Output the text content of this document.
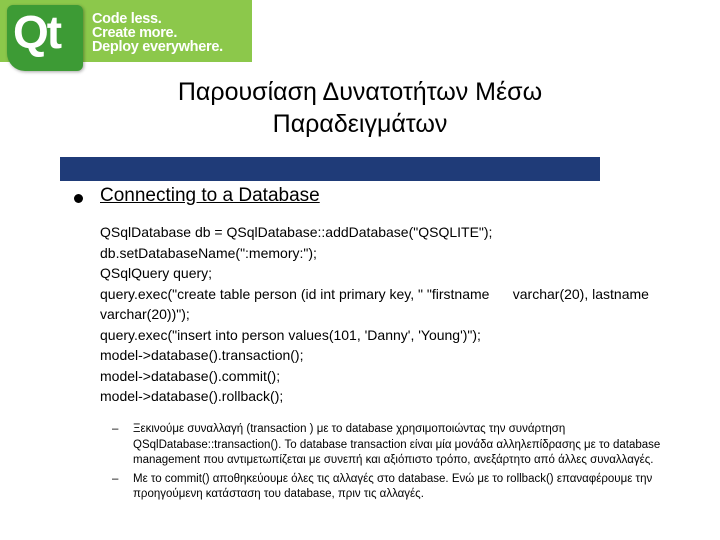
Qt Code less.
Create more.
Deploy everywhere.
Παρουσίαση Δυνατοτήτων Μέσω
Παραδειγμάτων
Connecting to a Database
QSqlDatabase db = QSqlDatabase::addDatabase("QSQLITE");
db.setDatabaseName(":memory:");
QSqlQuery query;
query.exec("create table person (id int primary key, " "firstname      varchar(20), lastname varchar(20))");
query.exec("insert into person values(101, 'Danny', 'Young')");
model->database().transaction();
model->database().commit();
model->database().rollback();
– Ξεκινούμε συναλλαγή (transaction ) με το database χρησιμοποιώντας την συνάρτηση QSqlDatabase::transaction(). Το database transaction είναι μία μονάδα αλληλεπίδρασης με το database management που αντιμετωπίζεται με συνεπή και αξιόπιστο τρόπο, ανεξάρτητο από άλλες συναλλαγές.
– Με το commit() αποθηκεύουμε όλες τις αλλαγές στο database. Ενώ με το rollback() επαναφέρουμε την προηγούμενη κατάσταση του database, πριν τις αλλαγές.
